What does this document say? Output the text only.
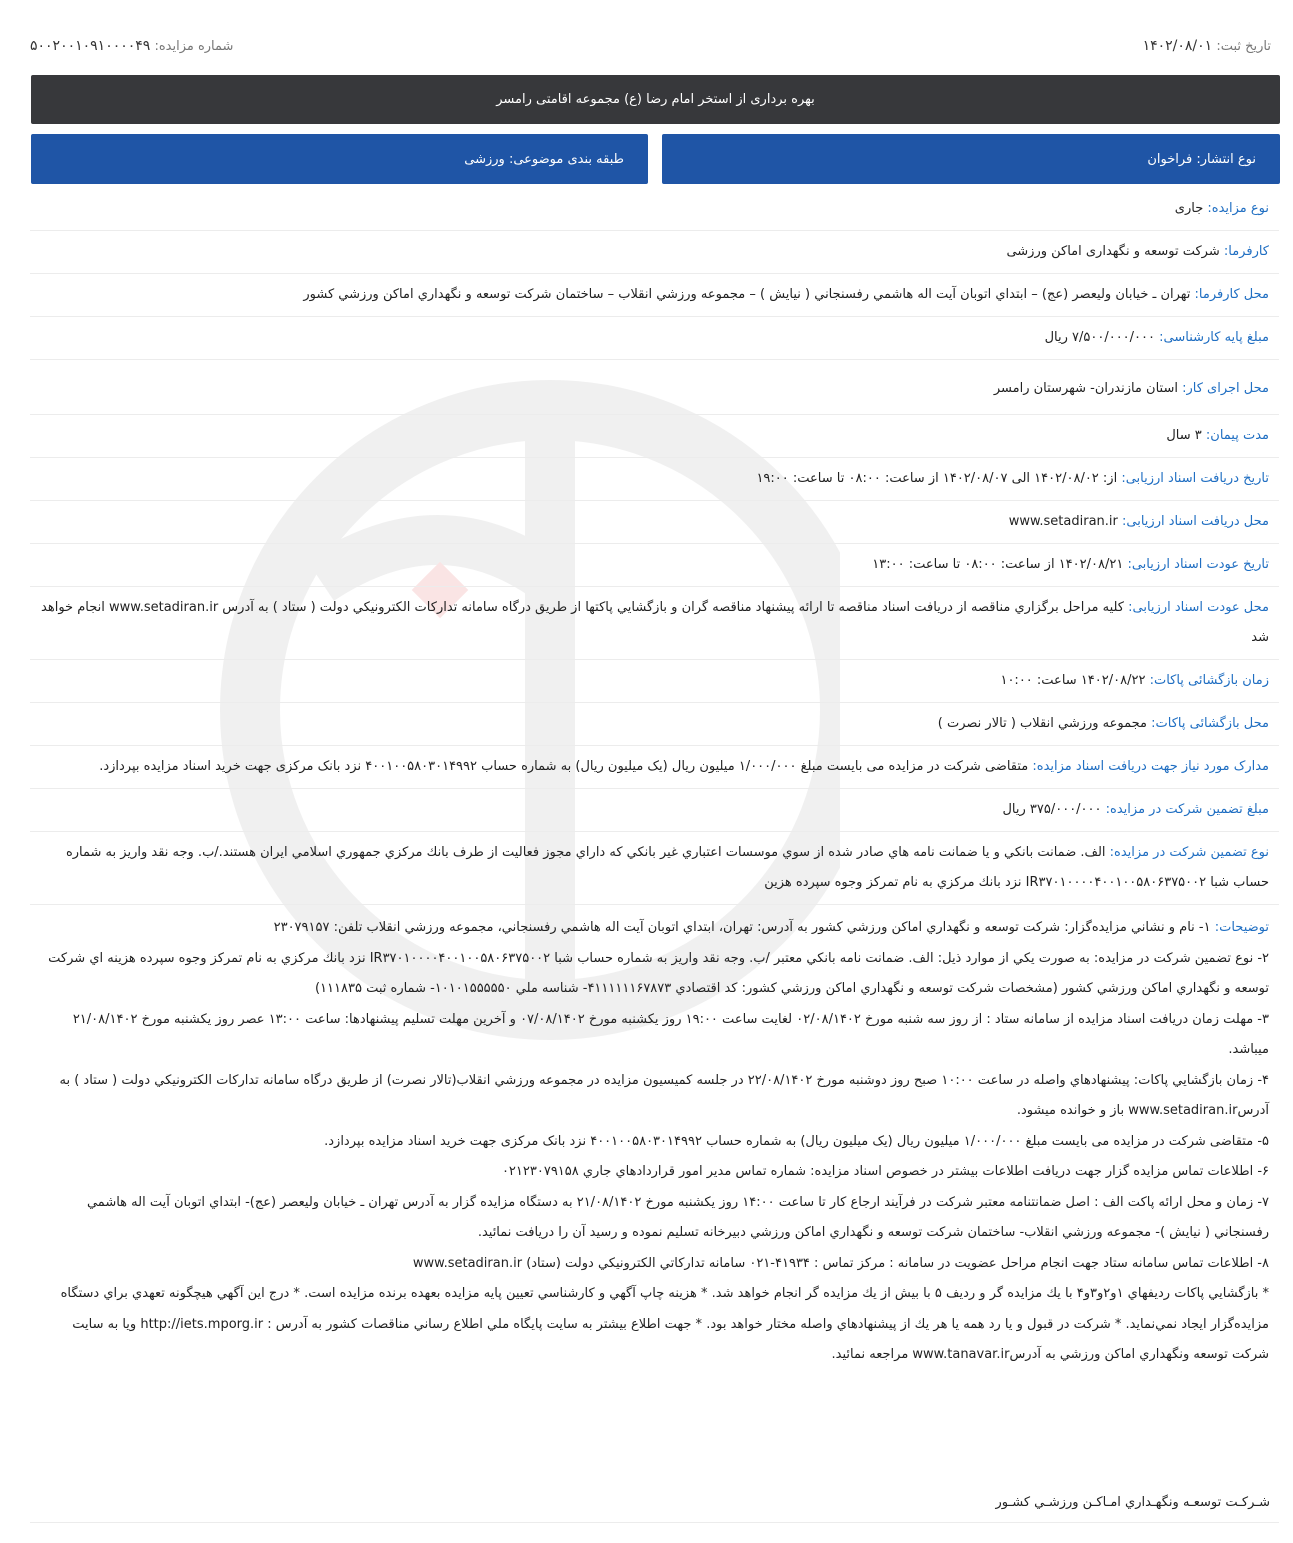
تاریخ ثبت: ۱۴۰۲/۰۸/۰۱
شماره مزایده: ۵۰۰۲۰۰۱۰۹۱۰۰۰۰۴۹
بهره برداری از استخر امام رضا (ع) مجموعه اقامتی رامسر
نوع انتشار: فراخوان
طبقه بندی موضوعی: ورزشی
نوع مزایده: جاری
کارفرما: شرکت توسعه و نگهداری اماکن ورزشی
محل کارفرما: تهران ـ خيابان وليعصر (عج) – ابتداي اتوبان آيت اله هاشمي رفسنجاني ( نيايش ) – مجموعه ورزشي انقلاب – ساختمان شركت توسعه و نگهداري اماكن ورزشي كشور
مبلغ پایه کارشناسی: ۷/۵۰۰/۰۰۰/۰۰۰ ریال
محل اجرای کار: استان مازندران- شهرستان رامسر
مدت پیمان: ۳ سال
تاریخ دریافت اسناد ارزیابی: از: ۱۴۰۲/۰۸/۰۲ الی ۱۴۰۲/۰۸/۰۷ از ساعت: ۰۸:۰۰ تا ساعت: ۱۹:۰۰
محل دریافت اسناد ارزیابی: www.setadiran.ir
تاریخ عودت اسناد ارزیابی: ۱۴۰۲/۰۸/۲۱ از ساعت: ۰۸:۰۰ تا ساعت: ۱۳:۰۰
محل عودت اسناد ارزیابی: كليه مراحل برگزاري مناقصه از دريافت اسناد مناقصه تا ارائه پيشنهاد مناقصه گران و بازگشايي پاكتها از طريق درگاه سامانه تداركات الكترونيكي دولت ( ستاد ) به آدرس www.setadiran.ir انجام خواهد شد
زمان بازگشائی پاکات: ۱۴۰۲/۰۸/۲۲ ساعت: ۱۰:۰۰
محل بازگشائی پاکات: مجموعه ورزشي انقلاب ( تالار نصرت )
مدارک مورد نیاز جهت دریافت اسناد مزایده: متقاضی شرکت در مزایده می بایست مبلغ ۱/۰۰۰/۰۰۰ میلیون ریال (یک میلیون ریال) به شماره حساب ۴۰۰۱۰۰۵۸۰۳۰۱۴۹۹۲ نزد بانک مرکزی جهت خرید اسناد مزایده بپردازد.
مبلغ تضمین شرکت در مزایده: ۳۷۵/۰۰۰/۰۰۰ ریال
نوع تضمین شرکت در مزایده: الف. ضمانت بانكي و يا ضمانت نامه هاي صادر شده از سوي موسسات اعتباري غير بانكي كه داراي مجوز فعاليت از طرف بانك مركزي جمهوري اسلامي ايران هستند./ب. وجه نقد واريز به شماره حساب شبا IR۳۷۰۱۰۰۰۰۴۰۰۱۰۰۵۸۰۶۳۷۵۰۰۲ نزد بانك مركزي به نام تمركز وجوه سپرده هزين

توضیحات: ۱- نام و نشاني مزايده‌گزار: شركت توسعه و نگهداري اماكن ورزشي كشور به آدرس: تهران، ابتداي اتوبان آيت اله هاشمي رفسنجاني، مجموعه ورزشي انقلاب تلفن: ۲۳۰۷۹۱۵۷

۲- نوع تضمين شركت در مزايده: به صورت يكي از موارد ذيل: الف. ضمانت نامه بانكي معتبر /ب. وجه نقد واريز به شماره حساب شبا IR۳۷۰۱۰۰۰۰۴۰۰۱۰۰۵۸۰۶۳۷۵۰۰۲ نزد بانك مركزي به نام تمركز وجوه سپرده هزينه اي شركت توسعه و نگهداري اماكن ورزشي كشور (مشخصات شركت توسعه و نگهداري اماكن ورزشي كشور: كد اقتصادي ۴۱۱۱۱۱۱۶۷۸۷۳- شناسه ملي ۱۰۱۰۱۵۵۵۵۵۰- شماره ثبت ۱۱۱۸۳۵)

۳- مهلت زمان دريافت اسناد مزايده از سامانه ستاد : از روز سه شنبه مورخ ۰۲/۰۸/۱۴۰۲ لغايت ساعت ۱۹:۰۰ روز يكشنبه مورخ ۰۷/۰۸/۱۴۰۲ و آخرين مهلت تسليم پيشنهادها: ساعت ۱۳:۰۰ عصر روز يكشنبه مورخ ۲۱/۰۸/۱۴۰۲ ميباشد.

۴- زمان بازگشايي پاكات: پيشنهادهاي واصله در ساعت ۱۰:۰۰ صبح روز دوشنبه مورخ ۲۲/۰۸/۱۴۰۲ در جلسه كميسيون مزايده در مجموعه ورزشي انقلاب(تالار نصرت) از طريق درگاه سامانه تداركات الكترونيكي دولت ( ستاد ) به آدرسwww.setadiran.ir باز و خوانده ميشود.

۵- متقاضی شرکت در مزایده می بایست مبلغ ۱/۰۰۰/۰۰۰ میلیون ریال (یک میلیون ریال) به شماره حساب ۴۰۰۱۰۰۵۸۰۳۰۱۴۹۹۲ نزد بانک مرکزی جهت خرید اسناد مزایده بپردازد.

۶- اطلاعات تماس مزايده گزار جهت دريافت اطلاعات بيشتر در خصوص اسناد مزايده: شماره تماس مدير امور قراردادهاي جاري ۰۲۱۲۳۰۷۹۱۵۸

۷- زمان و محل ارائه پاكت الف : اصل ضمانتنامه معتبر شركت در فرآيند ارجاع كار تا ساعت ۱۴:۰۰ روز يكشنبه مورخ ۲۱/۰۸/۱۴۰۲ به دستگاه مزايده گزار به آدرس تهران ـ خيابان وليعصر (عج)- ابتداي اتوبان آيت اله هاشمي رفسنجاني ( نيايش )- مجموعه ورزشي انقلاب- ساختمان شركت توسعه و نگهداري اماكن ورزشي دبيرخانه تسليم نموده و رسيد آن را دريافت نمائيد.

۸- اطلاعات تماس سامانه ستاد جهت انجام مراحل عضويت در سامانه : مركز تماس : ۴۱۹۳۴-۰۲۱ سامانه تداركاتي الكترونيكي دولت (ستاد) www.setadiran.ir

* بازگشايي پاكات رديفهاي ۱و۲و۳و۴ با يك مزايده گر و رديف ۵ با بيش از يك مزايده گر انجام خواهد شد. * هزينه چاپ آگهي و كارشناسي تعيين پايه مزايده بعهده برنده مزايده است. * درج اين آگهي هيچگونه تعهدي براي دستگاه مزايده‌گزار ايجاد نمي‌نمايد. * شركت در قبول و يا رد همه يا هر يك از پيشنهادهاي واصله مختار خواهد بود. * جهت اطلاع بيشتر به سايت پايگاه ملي اطلاع رساني مناقصات كشور به آدرس : http://iets.mporg.ir ويا به سايت شركت توسعه ونگهداري اماكن ورزشي به آدرسwww.tanavar.ir مراجعه نمائيد.

شـركـت توسعـه ونگهـداري امـاكـن ورزشـي كشـور
